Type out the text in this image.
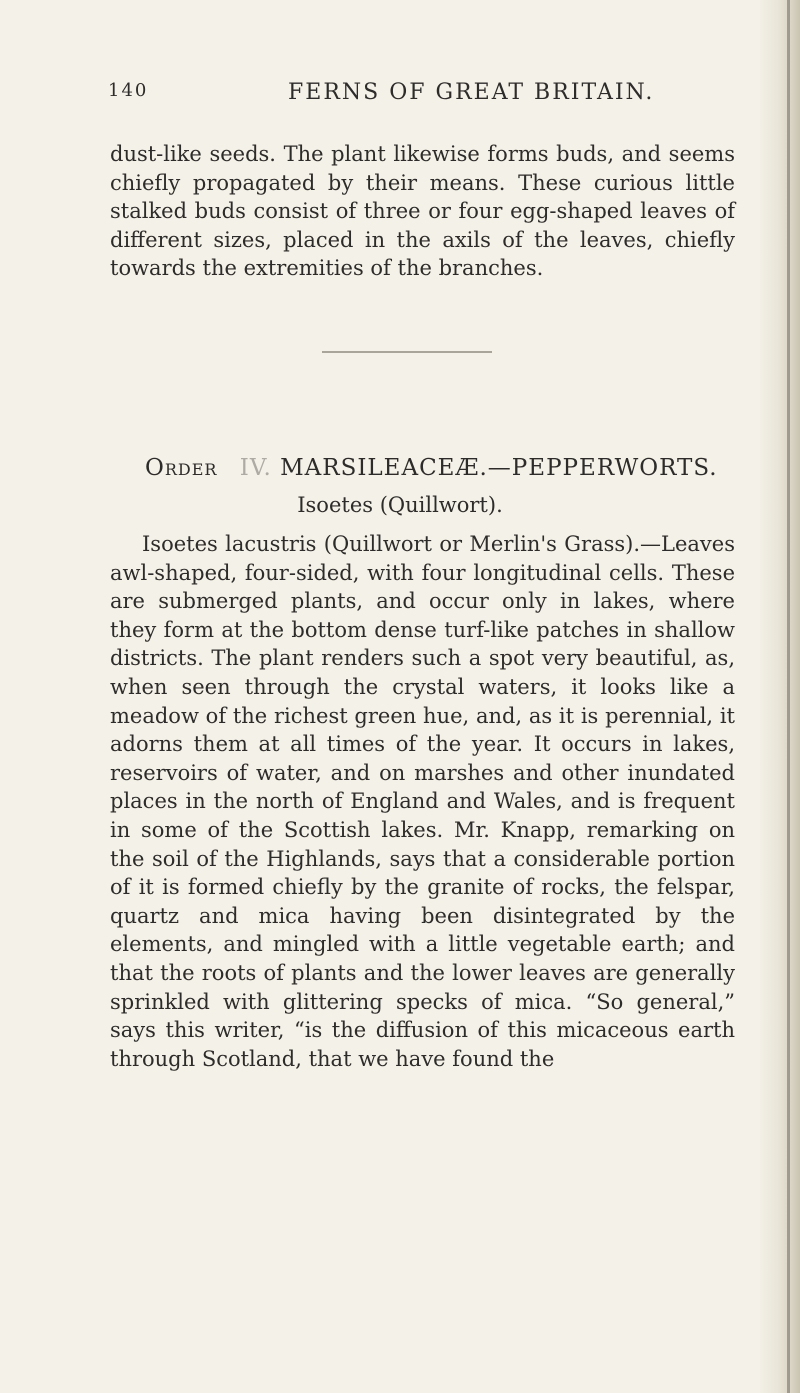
140	FERNS OF GREAT BRITAIN.

dust-like seeds. The plant likewise forms buds, and seems chiefly propagated by their means. These curious little stalked buds consist of three or four egg-shaped leaves of different sizes, placed in the axils of the leaves, chiefly towards the extremities of the branches.

Order IV. MARSILEACEÆ.—PEPPERWORTS.
Isoetes (Quillwort).

Isoetes lacustris (Quillwort or Merlin's Grass).—Leaves awl-shaped, four-sided, with four longitudinal cells. These are submerged plants, and occur only in lakes, where they form at the bottom dense turf-like patches in shallow districts. The plant renders such a spot very beautiful, as, when seen through the crystal waters, it looks like a meadow of the richest green hue, and, as it is perennial, it adorns them at all times of the year. It occurs in lakes, reservoirs of water, and on marshes and other inundated places in the north of England and Wales, and is frequent in some of the Scottish lakes. Mr. Knapp, remarking on the soil of the Highlands, says that a considerable portion of it is formed chiefly by the granite of rocks, the felspar, quartz and mica having been disintegrated by the elements, and mingled with a little vegetable earth; and that the roots of plants and the lower leaves are generally sprinkled with glittering specks of mica. “So general,” says this writer, “is the diffusion of this micaceous earth through Scotland, that we have found the
